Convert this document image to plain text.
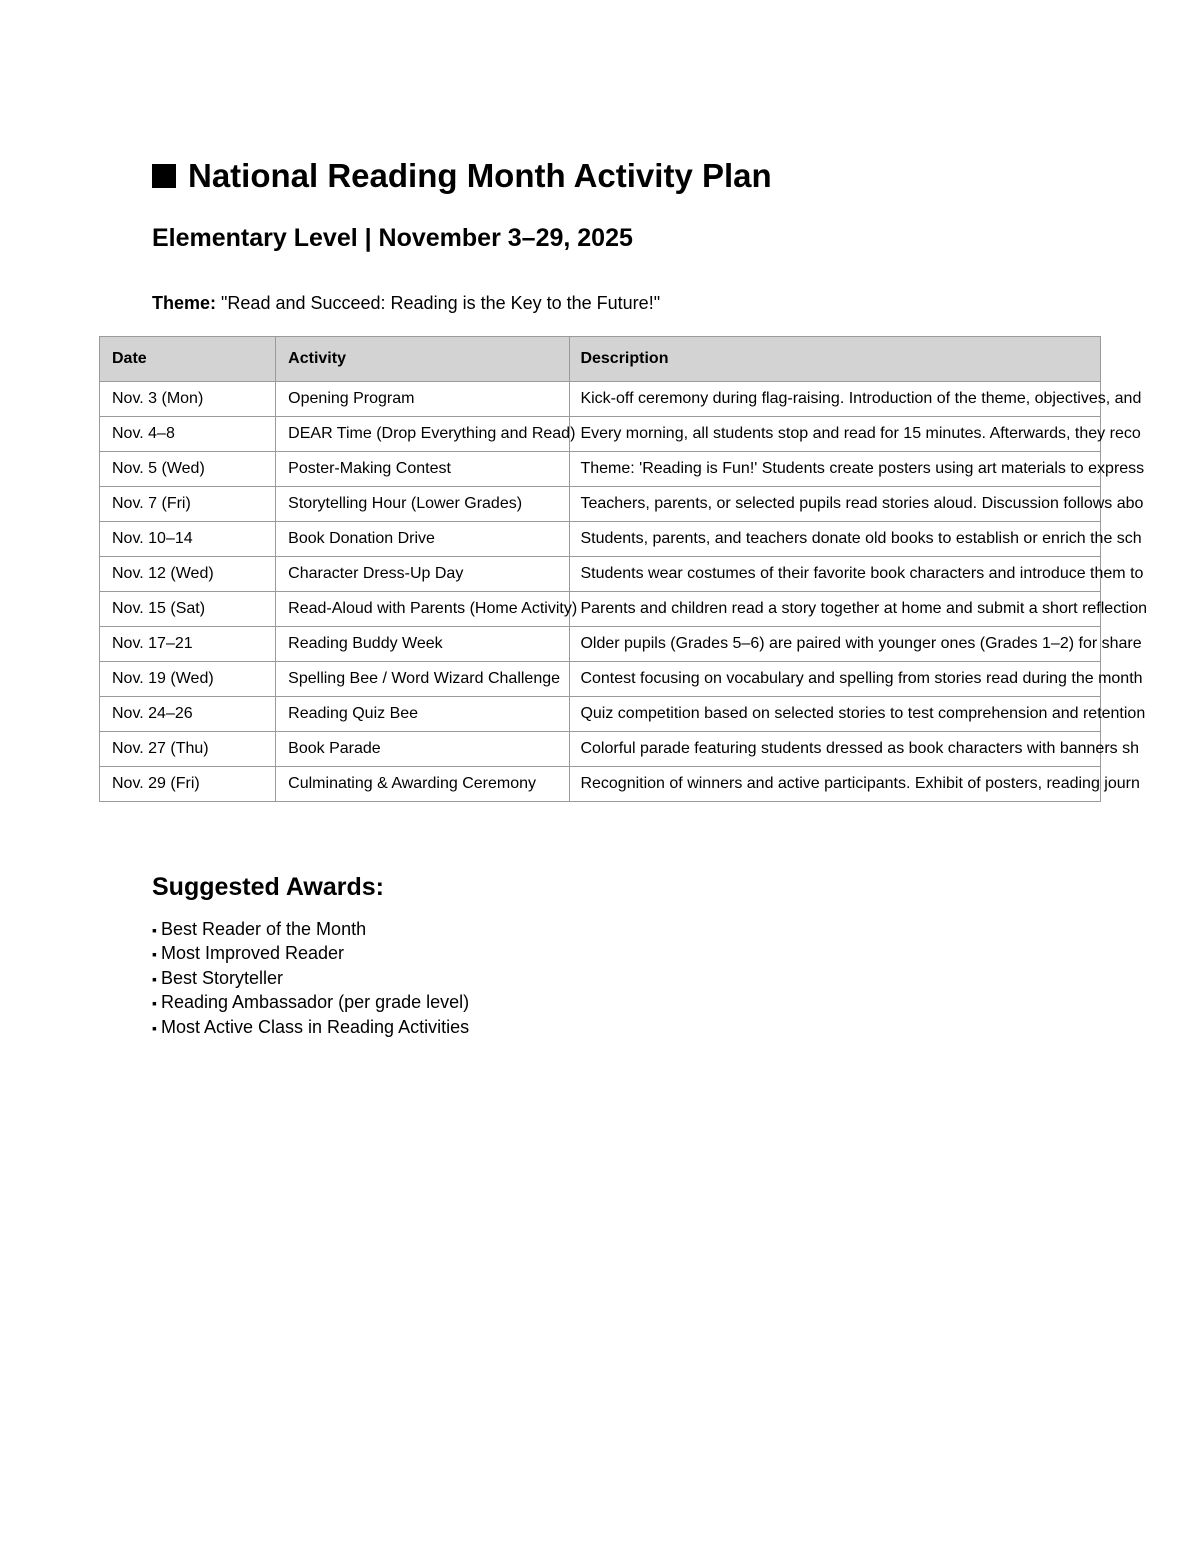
National Reading Month Activity Plan
Elementary Level | November 3–29, 2025

Theme: "Read and Succeed: Reading is the Key to the Future!"

Date	Activity	Description
Nov. 3 (Mon)	Opening Program	Kick-off ceremony during flag-raising. Introduction of the theme, objectives, and
Nov. 4–8	DEAR Time (Drop Everything and Read)	Every morning, all students stop and read for 15 minutes. Afterwards, they reco
Nov. 5 (Wed)	Poster-Making Contest	Theme: 'Reading is Fun!' Students create posters using art materials to express
Nov. 7 (Fri)	Storytelling Hour (Lower Grades)	Teachers, parents, or selected pupils read stories aloud. Discussion follows abo
Nov. 10–14	Book Donation Drive	Students, parents, and teachers donate old books to establish or enrich the sch
Nov. 12 (Wed)	Character Dress-Up Day	Students wear costumes of their favorite book characters and introduce them to
Nov. 15 (Sat)	Read-Aloud with Parents (Home Activity)	Parents and children read a story together at home and submit a short reflection
Nov. 17–21	Reading Buddy Week	Older pupils (Grades 5–6) are paired with younger ones (Grades 1–2) for share
Nov. 19 (Wed)	Spelling Bee / Word Wizard Challenge	Contest focusing on vocabulary and spelling from stories read during the month
Nov. 24–26	Reading Quiz Bee	Quiz competition based on selected stories to test comprehension and retention
Nov. 27 (Thu)	Book Parade	Colorful parade featuring students dressed as book characters with banners sh
Nov. 29 (Fri)	Culminating & Awarding Ceremony	Recognition of winners and active participants. Exhibit of posters, reading journ
Suggested Awards:
▪ Best Reader of the Month
▪ Most Improved Reader
▪ Best Storyteller
▪ Reading Ambassador (per grade level)
▪ Most Active Class in Reading Activities
